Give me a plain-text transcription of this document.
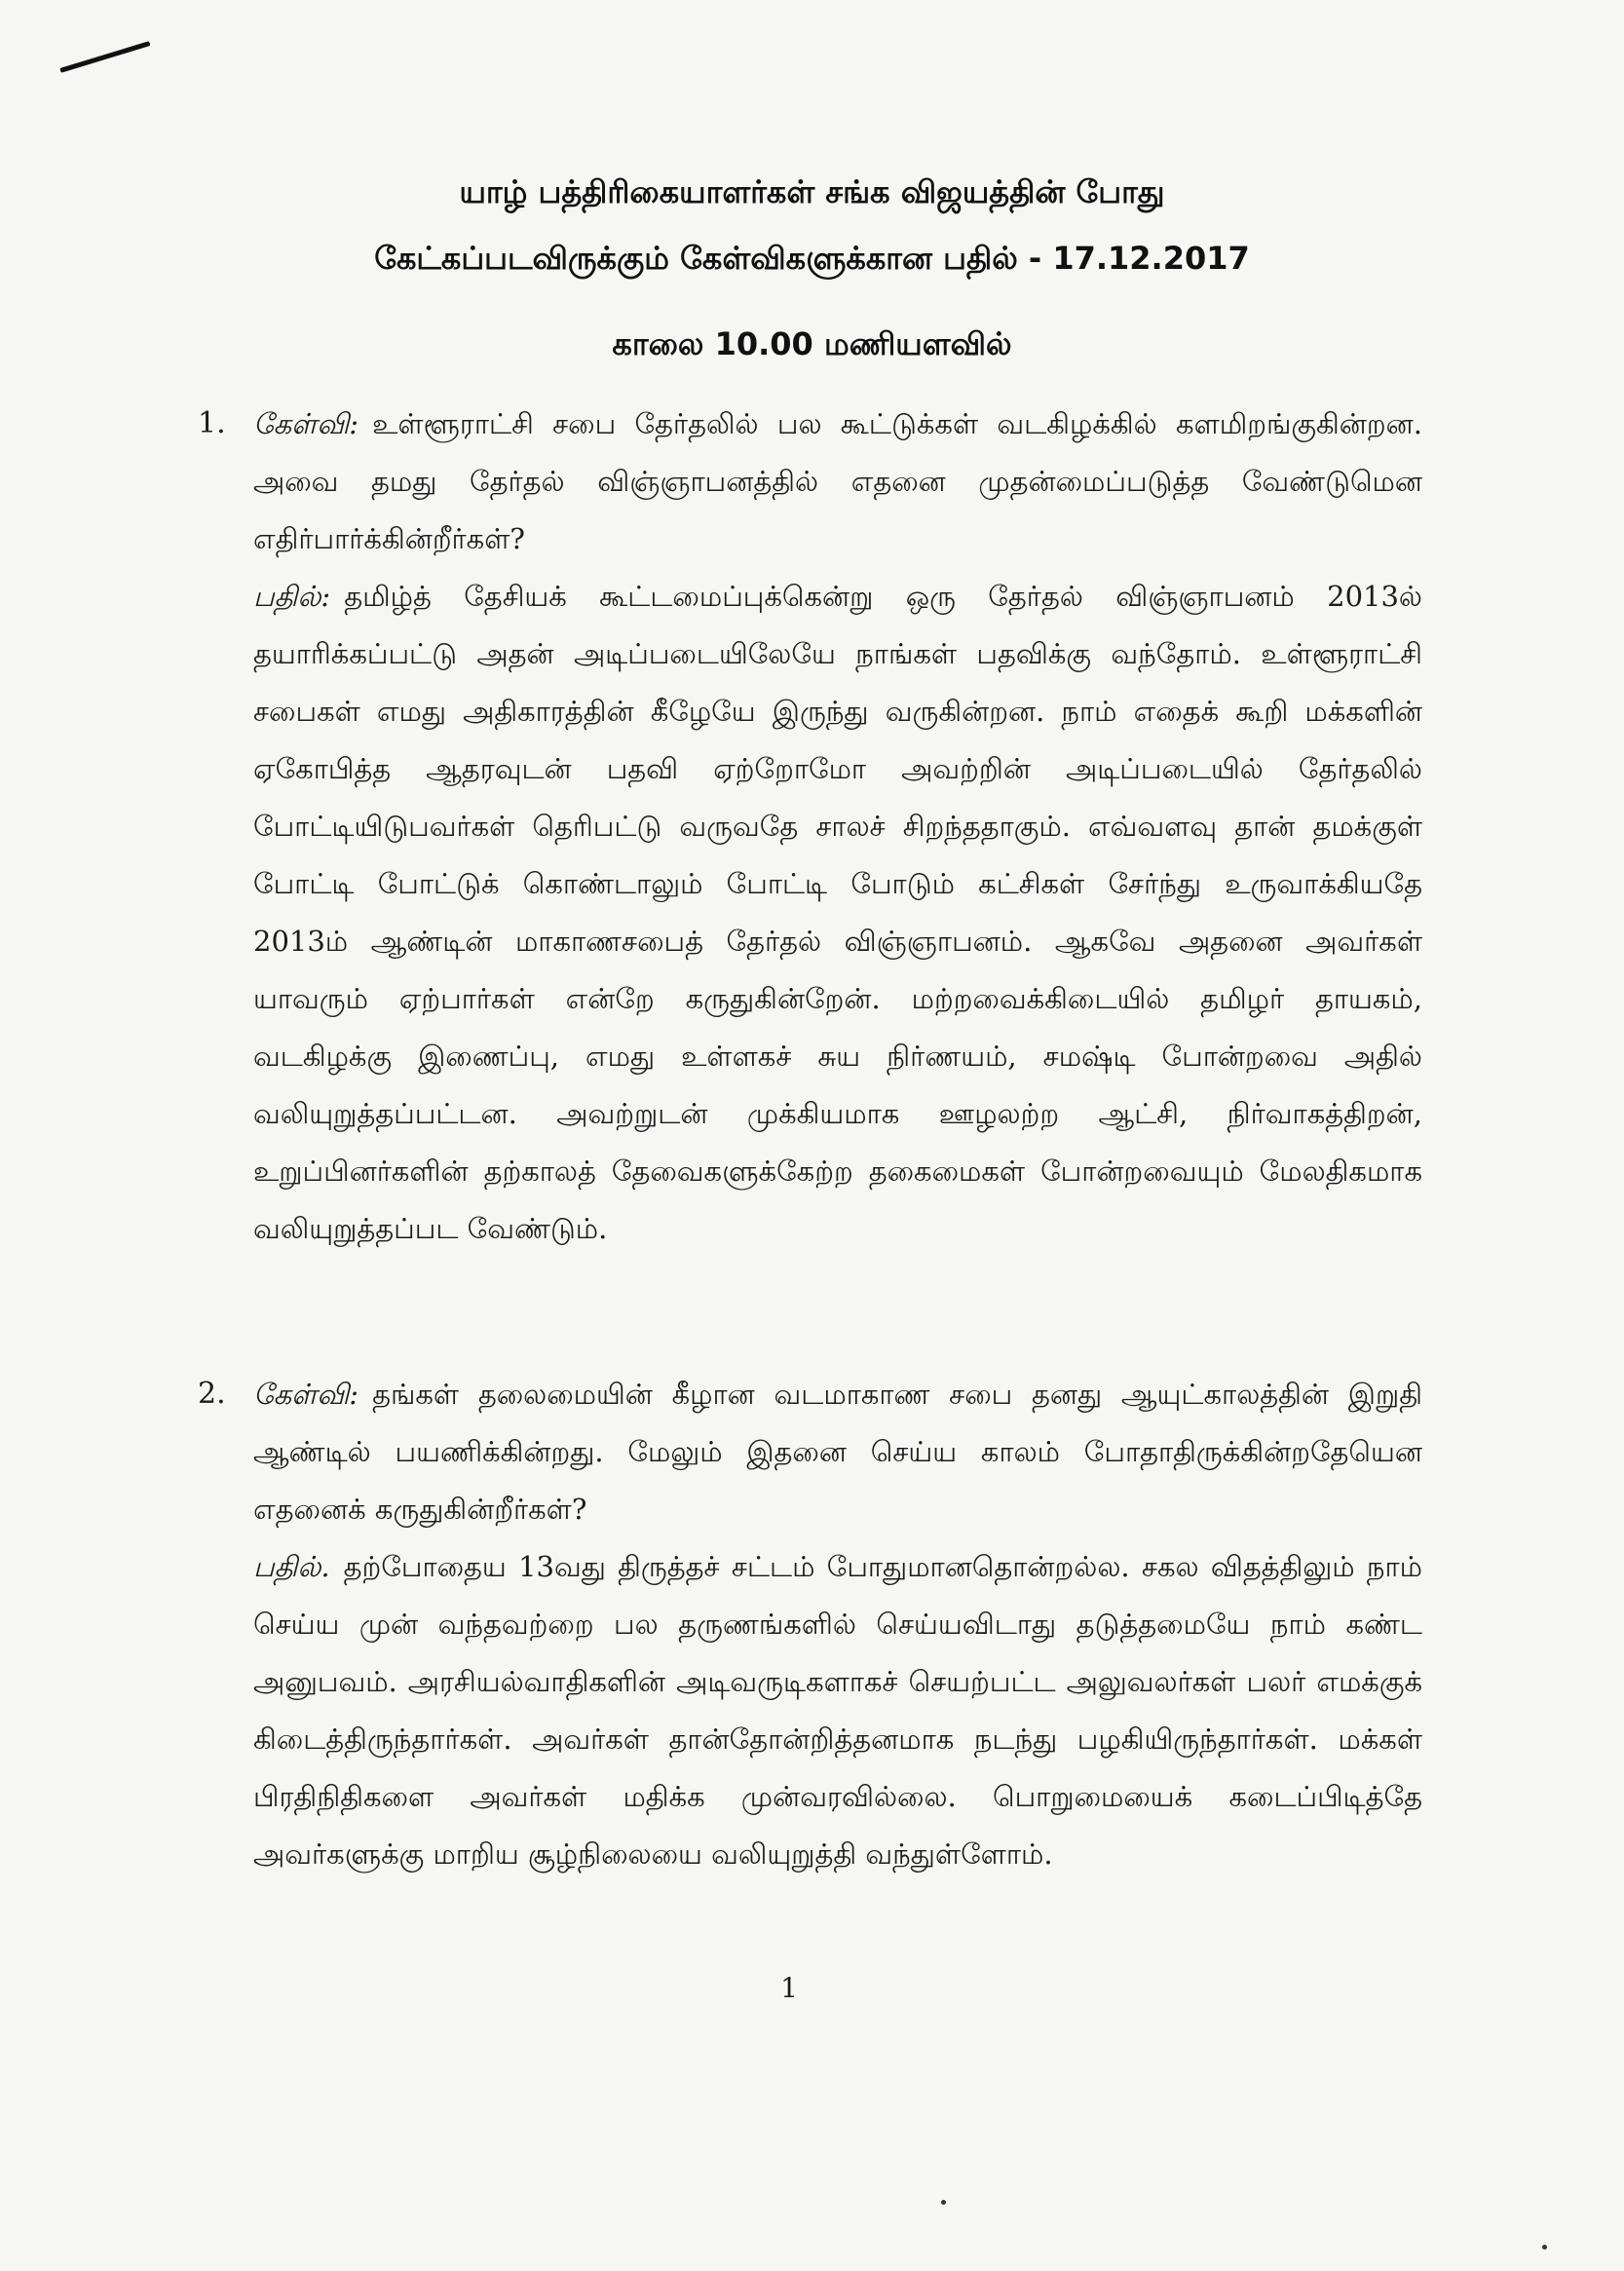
யாழ் பத்திரிகையாளர்கள் சங்க விஜயத்தின் போது
கேட்கப்படவிருக்கும் கேள்விகளுக்கான பதில் - 17.12.2017
காலை 10.00 மணியளவில்
1. கேள்வி: உள்ளூராட்சி சபை தேர்தலில் பல கூட்டுக்கள் வடகிழக்கில் களமிறங்குகின்றன. அவை தமது தேர்தல் விஞ்ஞாபனத்தில் எதனை முதன்மைப்படுத்த வேண்டுமென எதிர்பார்க்கின்றீர்கள்?
பதில்: தமிழ்த் தேசியக் கூட்டமைப்புக்கென்று ஒரு தேர்தல் விஞ்ஞாபனம் 2013ல் தயாரிக்கப்பட்டு அதன் அடிப்படையிலேயே நாங்கள் பதவிக்கு வந்தோம். உள்ளூராட்சி சபைகள் எமது அதிகாரத்தின் கீழேயே இருந்து வருகின்றன. நாம் எதைக் கூறி மக்களின் ஏகோபித்த ஆதரவுடன் பதவி ஏற்றோமோ அவற்றின் அடிப்படையில் தேர்தலில் போட்டியிடுபவர்கள் தெரிபட்டு வருவதே சாலச் சிறந்ததாகும். எவ்வளவு தான் தமக்குள் போட்டி போட்டுக் கொண்டாலும் போட்டி போடும் கட்சிகள் சேர்ந்து உருவாக்கியதே 2013ம் ஆண்டின் மாகாணசபைத் தேர்தல் விஞ்ஞாபனம். ஆகவே அதனை அவர்கள் யாவரும் ஏற்பார்கள் என்றே கருதுகின்றேன். மற்றவைக்கிடையில் தமிழர் தாயகம், வடகிழக்கு இணைப்பு, எமது உள்ளகச் சுய நிர்ணயம், சமஷ்டி போன்றவை அதில் வலியுறுத்தப்பட்டன. அவற்றுடன் முக்கியமாக ஊழலற்ற ஆட்சி, நிர்வாகத்திறன், உறுப்பினர்களின் தற்காலத் தேவைகளுக்கேற்ற தகைமைகள் போன்றவையும் மேலதிகமாக வலியுறுத்தப்பட வேண்டும்.
2. கேள்வி: தங்கள் தலைமையின் கீழான வடமாகாண சபை தனது ஆயுட்காலத்தின் இறுதி ஆண்டில் பயணிக்கின்றது. மேலும் இதனை செய்ய காலம் போதாதிருக்கின்றதேயென எதனைக் கருதுகின்றீர்கள்?
பதில். தற்போதைய 13வது திருத்தச் சட்டம் போதுமானதொன்றல்ல. சகல விதத்திலும் நாம் செய்ய முன் வந்தவற்றை பல தருணங்களில் செய்யவிடாது தடுத்தமையே நாம் கண்ட அனுபவம். அரசியல்வாதிகளின் அடிவருடிகளாகச் செயற்பட்ட அலுவலர்கள் பலர் எமக்குக் கிடைத்திருந்தார்கள். அவர்கள் தான்தோன்றித்தனமாக நடந்து பழகியிருந்தார்கள். மக்கள் பிரதிநிதிகளை அவர்கள் மதிக்க முன்வரவில்லை. பொறுமையைக் கடைப்பிடித்தே அவர்களுக்கு மாறிய சூழ்நிலையை வலியுறுத்தி வந்துள்ளோம்.
1
